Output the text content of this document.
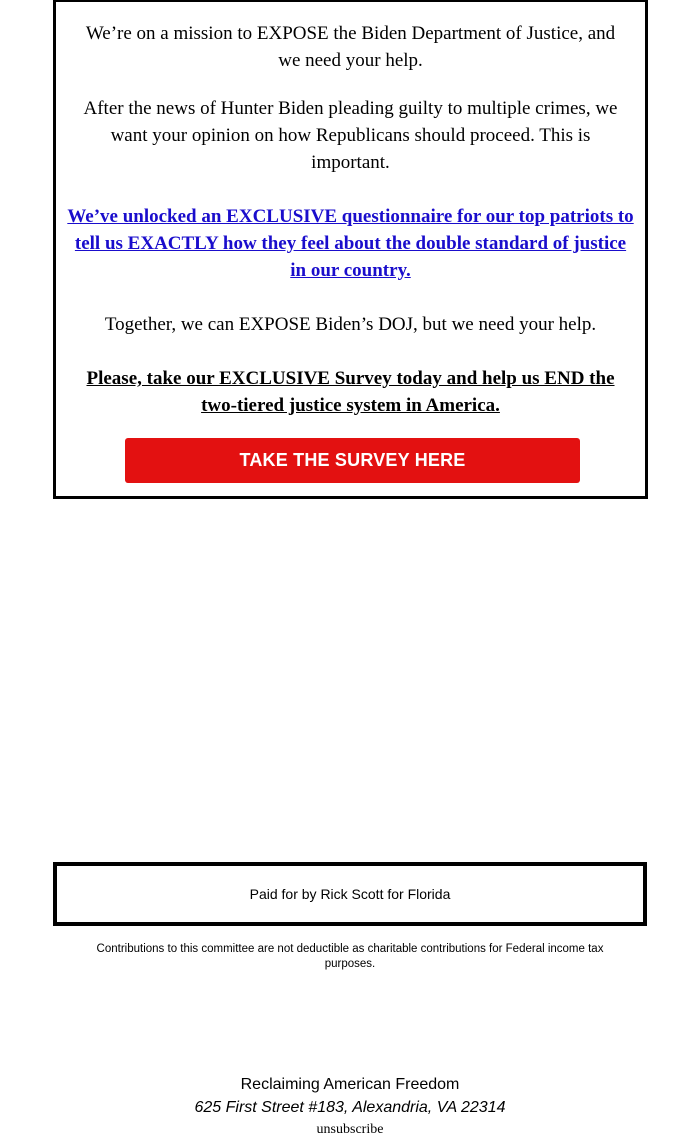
We’re on a mission to EXPOSE the Biden Department of Justice, and we need your help.

After the news of Hunter Biden pleading guilty to multiple crimes, we want your opinion on how Republicans should proceed. This is important.

We’ve unlocked an EXCLUSIVE questionnaire for our top patriots to tell us EXACTLY how they feel about the double standard of justice in our country.

Together, we can EXPOSE Biden’s DOJ, but we need your help.

Please, take our EXCLUSIVE Survey today and help us END the two-tiered justice system in America.

TAKE THE SURVEY HERE
Paid for by Rick Scott for Florida

Contributions to this committee are not deductible as charitable contributions for Federal income tax purposes.

Reclaiming American Freedom
625 First Street #183, Alexandria, VA 22314
unsubscribe
